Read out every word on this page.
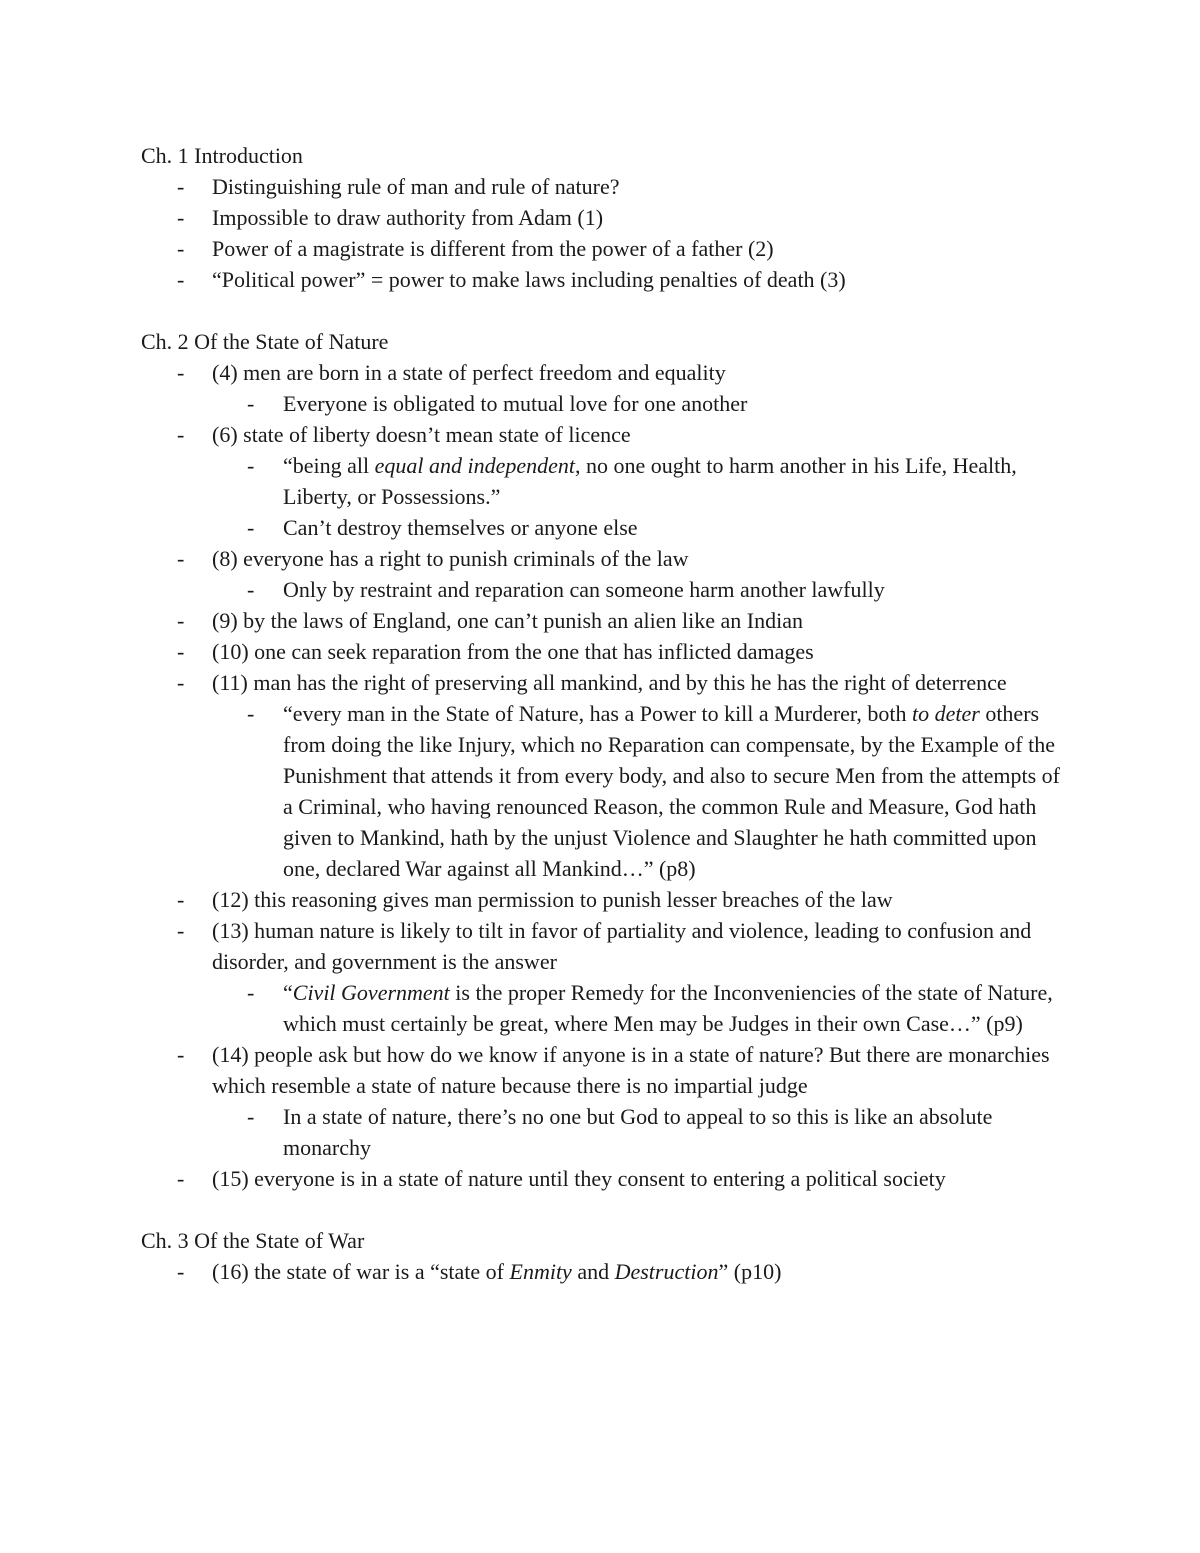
Ch. 1 Introduction
- Distinguishing rule of man and rule of nature?
- Impossible to draw authority from Adam (1)
- Power of a magistrate is different from the power of a father (2)
- “Political power” = power to make laws including penalties of death (3)
Ch. 2 Of the State of Nature
- (4) men are born in a state of perfect freedom and equality
- Everyone is obligated to mutual love for one another
- (6) state of liberty doesn’t mean state of licence
- “being all equal and independent, no one ought to harm another in his Life, Health, Liberty, or Possessions.”
- Can’t destroy themselves or anyone else
- (8) everyone has a right to punish criminals of the law
- Only by restraint and reparation can someone harm another lawfully
- (9) by the laws of England, one can’t punish an alien like an Indian
- (10) one can seek reparation from the one that has inflicted damages
- (11) man has the right of preserving all mankind, and by this he has the right of deterrence
- “every man in the State of Nature, has a Power to kill a Murderer, both to deter others from doing the like Injury, which no Reparation can compensate, by the Example of the Punishment that attends it from every body, and also to secure Men from the attempts of a Criminal, who having renounced Reason, the common Rule and Measure, God hath given to Mankind, hath by the unjust Violence and Slaughter he hath committed upon one, declared War against all Mankind…” (p8)
- (12) this reasoning gives man permission to punish lesser breaches of the law
- (13) human nature is likely to tilt in favor of partiality and violence, leading to confusion and disorder, and government is the answer
- “Civil Government is the proper Remedy for the Inconveniencies of the state of Nature, which must certainly be great, where Men may be Judges in their own Case…” (p9)
- (14) people ask but how do we know if anyone is in a state of nature? But there are monarchies which resemble a state of nature because there is no impartial judge
- In a state of nature, there’s no one but God to appeal to so this is like an absolute monarchy
- (15) everyone is in a state of nature until they consent to entering a political society
Ch. 3 Of the State of War
- (16) the state of war is a “state of Enmity and Destruction” (p10)
